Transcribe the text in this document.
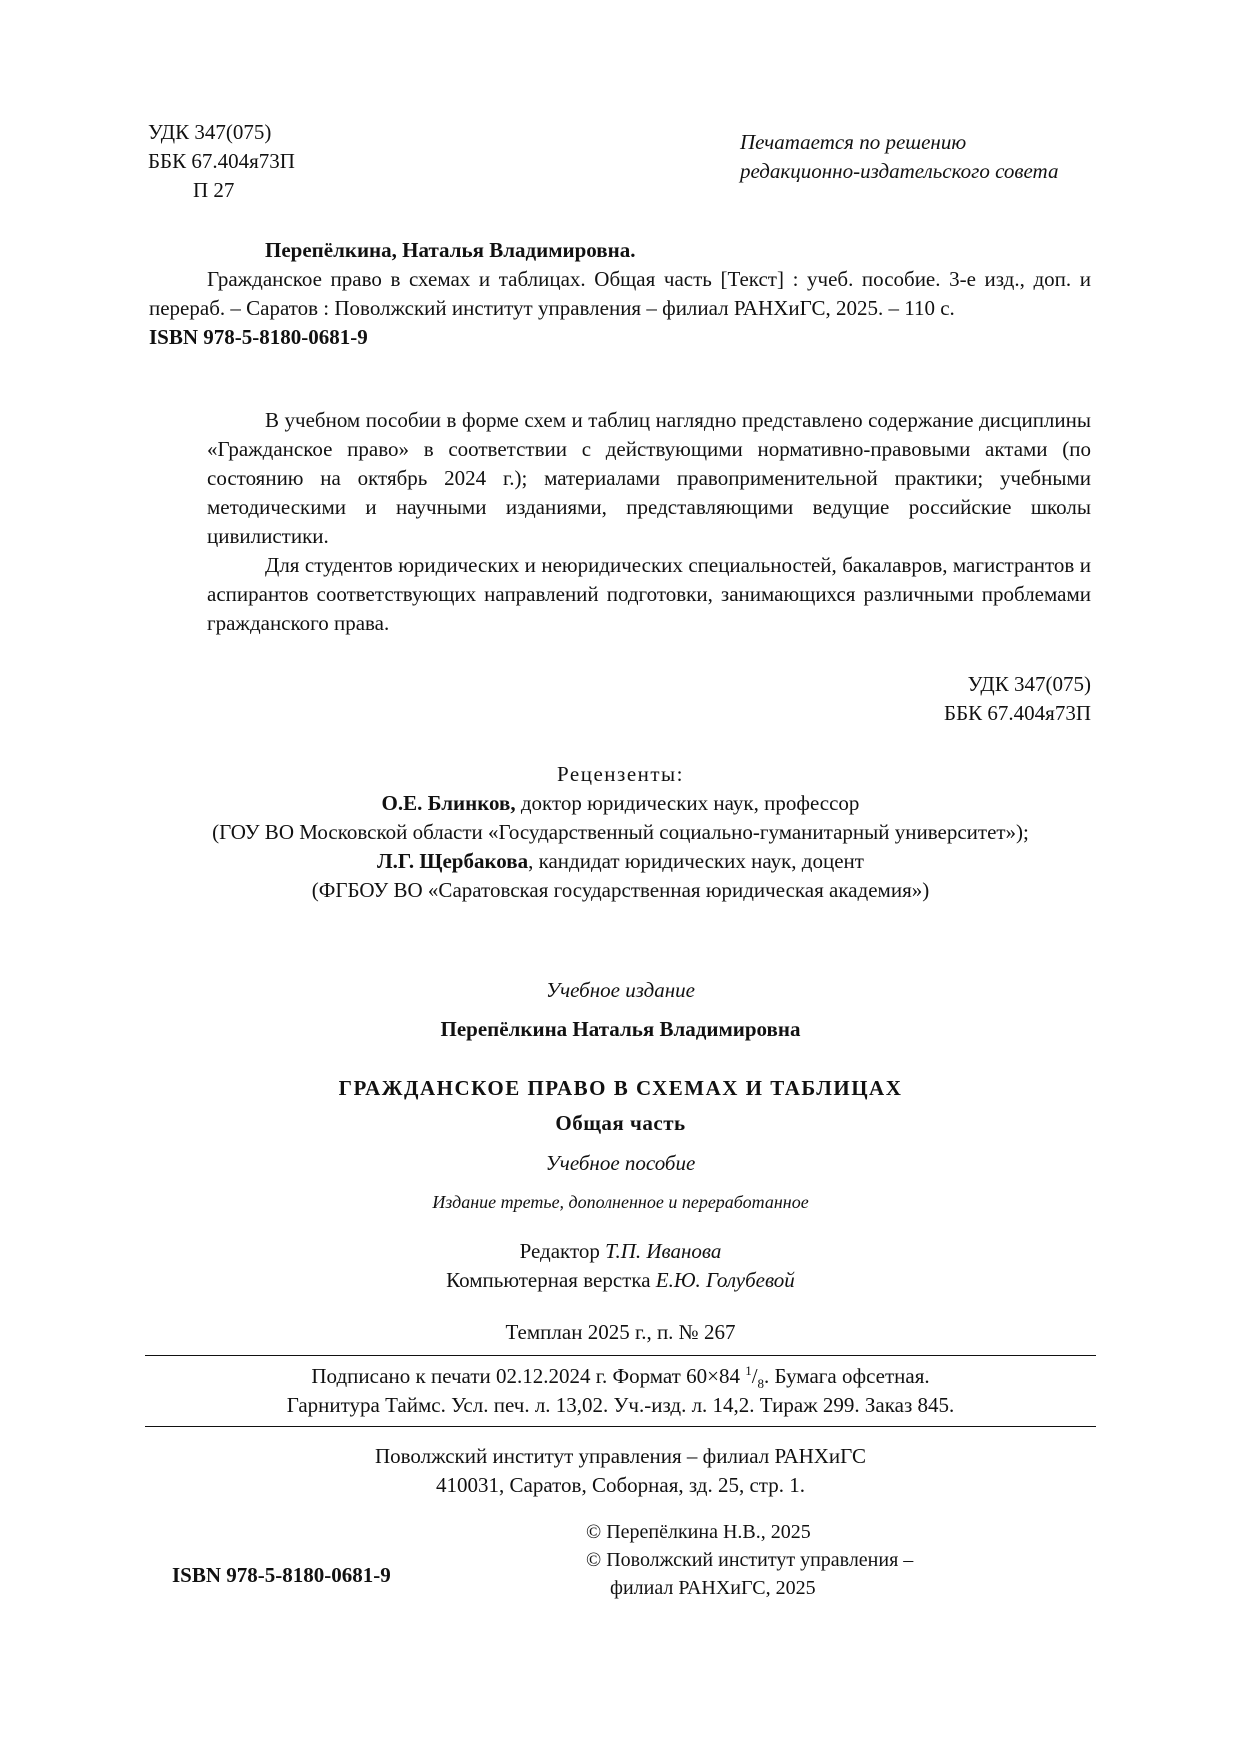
УДК 347(075)
ББК 67.404я73П
П 27
Печатается по решению
редакционно-издательского совета

Перепёлкина, Наталья Владимировна.

Гражданское право в схемах и таблицах. Общая часть [Текст] : учеб. пособие. 3-е изд., доп. и перераб. – Саратов : Поволжский институт управления – филиал РАНХиГС, 2025. – 110 с.

ISBN 978-5-8180-0681-9

В учебном пособии в форме схем и таблиц наглядно представлено содержание дисциплины «Гражданское право» в соответствии с действующими нормативно-правовыми актами (по состоянию на октябрь 2024 г.); материалами правоприменительной практики; учебными методическими и научными изданиями, представляющими ведущие российские школы цивилистики.

Для студентов юридических и неюридических специальностей, бакалавров, магистрантов и аспирантов соответствующих направлений подготовки, занимающихся различными проблемами гражданского права.

УДК 347(075)
ББК 67.404я73П
Рецензенты:
О.Е. Блинков, доктор юридических наук, профессор
(ГОУ ВО Московской области «Государственный социально-гуманитарный университет»);
Л.Г. Щербакова, кандидат юридических наук, доцент
(ФГБОУ ВО «Саратовская государственная юридическая академия»)
Учебное издание
Перепёлкина Наталья Владимировна
ГРАЖДАНСКОЕ ПРАВО В СХЕМАХ И ТАБЛИЦАХ
Общая часть
Учебное пособие
Издание третье, дополненное и переработанное
Редактор Т.П. Иванова
Компьютерная верстка Е.Ю. Голубевой
Темплан 2025 г., п. № 267
Подписано к печати 02.12.2024 г. Формат 60×84 $^1/_8$. Бумага офсетная.
Гарнитура Таймс. Усл. печ. л. 13,02. Уч.-изд. л. 14,2. Тираж 299. Заказ 845.
Поволжский институт управления – филиал РАНХиГС
410031, Саратов, Соборная, зд. 25, стр. 1.
ISBN 978-5-8180-0681-9
© Перепёлкина Н.В., 2025
© Поволжский институт управления –
филиал РАНХиГС, 2025
